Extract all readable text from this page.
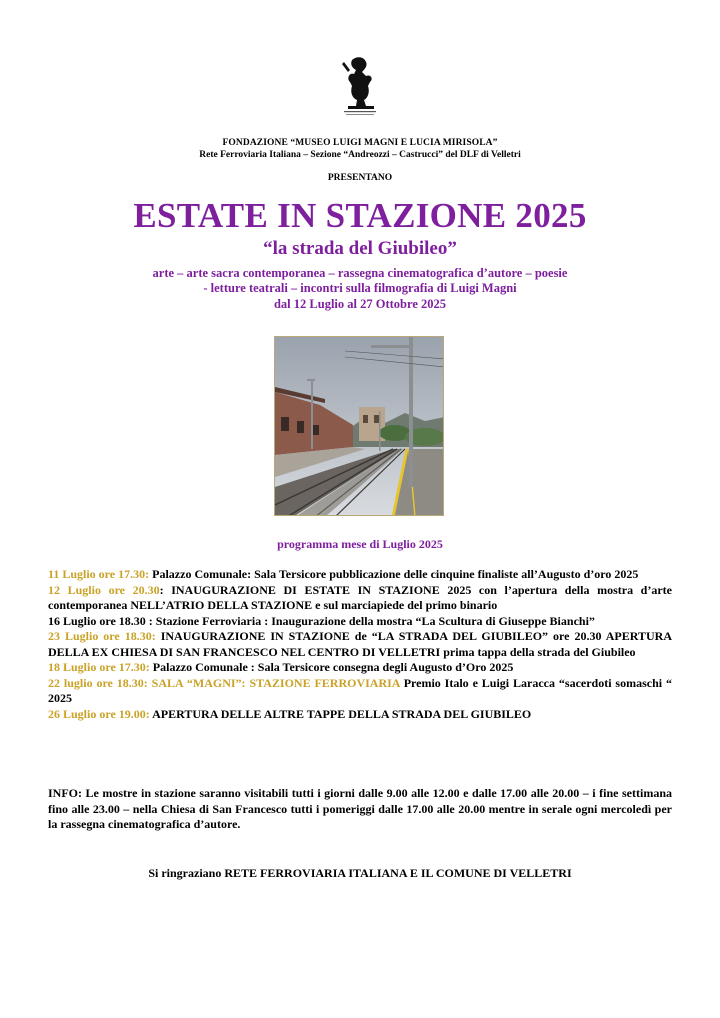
FONDAZIONE “MUSEO LUIGI MAGNI E LUCIA MIRISOLA”
Rete Ferroviaria Italiana – Sezione “Andreozzi – Castrucci” del DLF di Velletri
PRESENTANO
ESTATE IN STAZIONE 2025
“la strada del Giubileo”
arte – arte sacra contemporanea – rassegna cinematografica d’autore – poesie
- letture teatrali – incontri sulla filmografia di Luigi Magni
dal 12 Luglio al 27 Ottobre 2025
programma mese di Luglio 2025

11 Luglio ore 17.30: Palazzo Comunale: Sala Tersicore pubblicazione delle cinquine finaliste all’Augusto d’oro 2025

12 Luglio ore 20.30: INAUGURAZIONE DI ESTATE IN STAZIONE 2025 con l’apertura della mostra d’arte contemporanea NELL’ATRIO DELLA STAZIONE e sul marciapiede del primo binario

16 Luglio ore 18.30 : Stazione Ferroviaria : Inaugurazione della mostra “La Scultura di Giuseppe Bianchi”

23 Luglio ore 18.30: INAUGURAZIONE IN STAZIONE de “LA STRADA DEL GIUBILEO” ore 20.30 APERTURA DELLA EX CHIESA DI SAN FRANCESCO NEL CENTRO DI VELLETRI prima tappa della strada del Giubileo

18 Luglio ore 17.30: Palazzo Comunale : Sala Tersicore consegna degli Augusto d’Oro 2025

22 luglio ore 18.30: SALA “MAGNI”: STAZIONE FERROVIARIA Premio Italo e Luigi Laracca “sacerdoti somaschi “ 2025

26 Luglio ore 19.00: APERTURA DELLE ALTRE TAPPE DELLA STRADA DEL GIUBILEO

INFO: Le mostre in stazione saranno visitabili tutti i giorni dalle 9.00 alle 12.00 e dalle 17.00 alle 20.00 – i fine settimana fino alle 23.00 – nella Chiesa di San Francesco tutti i pomeriggi dalle 17.00 alle 20.00 mentre in serale ogni mercoledì per la rassegna cinematografica d’autore.
Si ringraziano RETE FERROVIARIA ITALIANA E IL COMUNE DI VELLETRI
